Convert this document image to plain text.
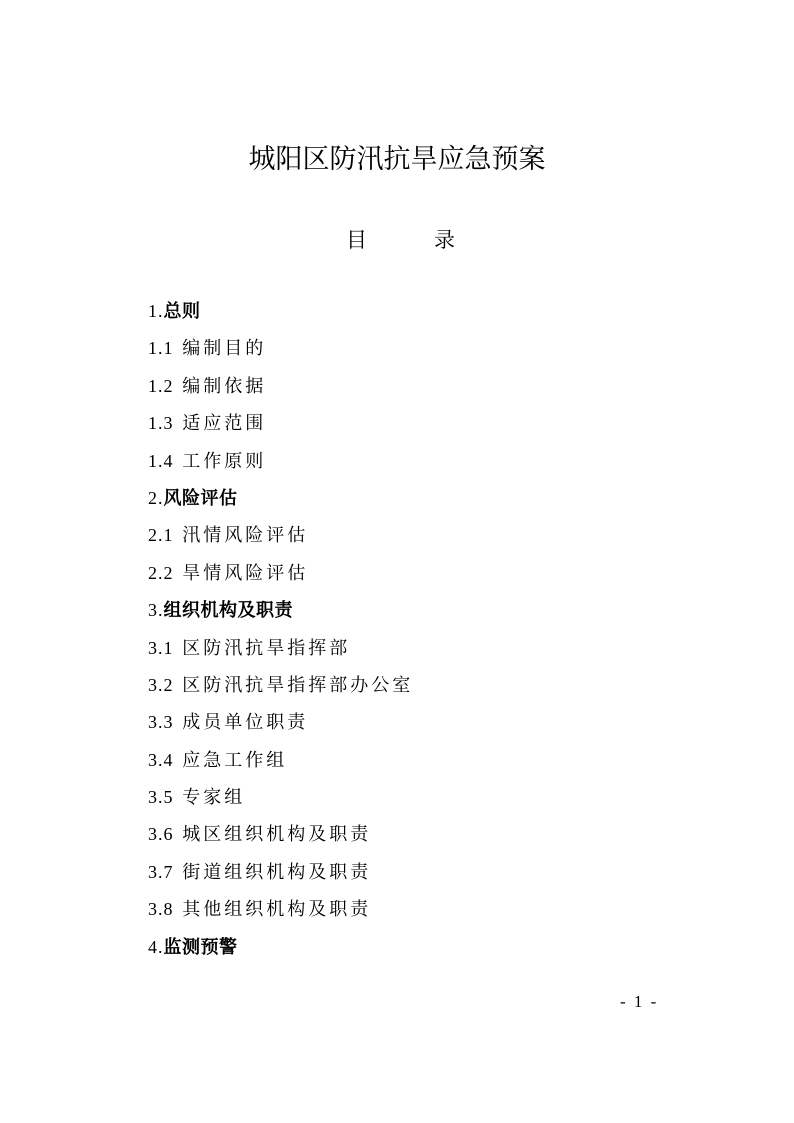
城阳区防汛抗旱应急预案
目	录
1.总则
1.1 编制目的
1.2 编制依据
1.3 适应范围
1.4 工作原则
2.风险评估
2.1 汛情风险评估
2.2 旱情风险评估
3.组织机构及职责
3.1 区防汛抗旱指挥部
3.2 区防汛抗旱指挥部办公室
3.3 成员单位职责
3.4 应急工作组
3.5 专家组
3.6 城区组织机构及职责
3.7 街道组织机构及职责
3.8 其他组织机构及职责
4.监测预警
- 1 -
